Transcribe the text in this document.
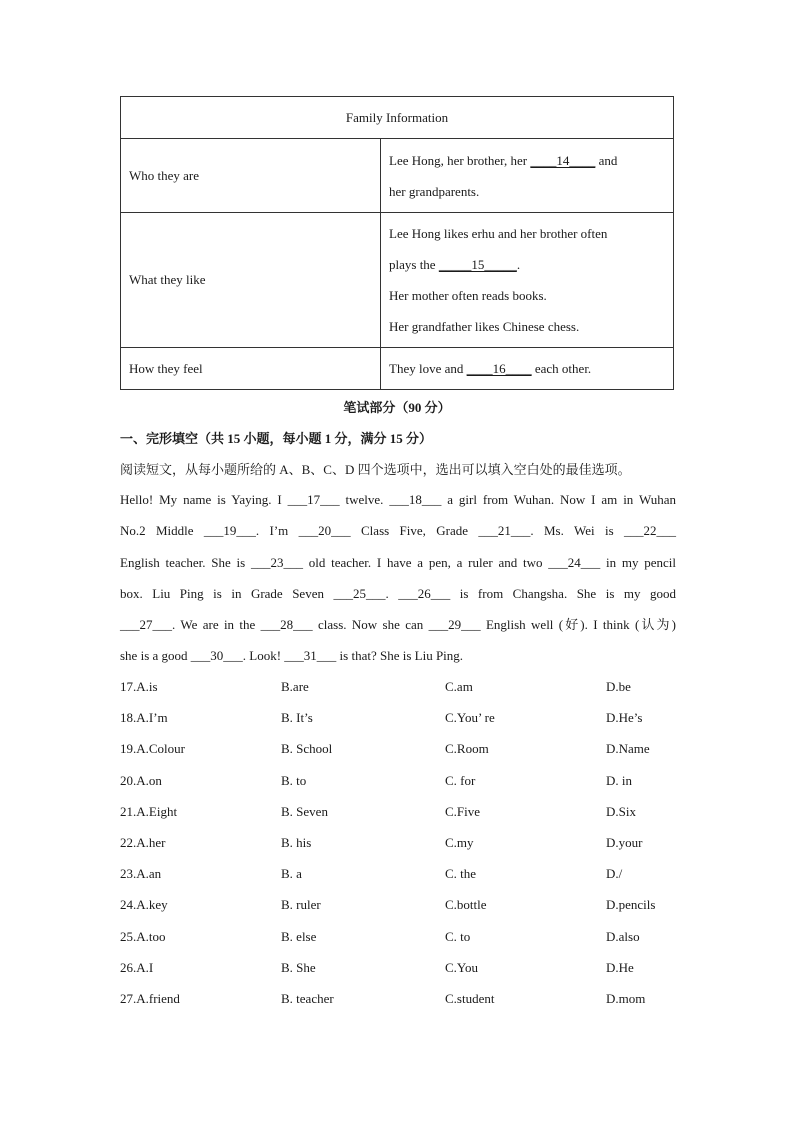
Family Information	
Who they are	Lee Hong, her brother, her ____14____ and
her grandparents.

What they like	Lee Hong likes erhu and her brother often
plays the _____15_____.
Her mother often reads books.
Her grandfather likes Chinese chess.

How they feel	They love and ____16____ each other.
笔试部分（90 分）
一、完形填空（共 15 小题，每小题 1 分，满分 15 分）
阅读短文，从每小题所给的 A、B、C、D 四个选项中，选出可以填入空白处的最佳选项。
Hello! My name is Yaying. I ___17___ twelve. ___18___ a girl from Wuhan. Now I am in Wuhan
No.2 Middle ___19___. I’m ___20___ Class Five, Grade ___21___. Ms. Wei is ___22___
English teacher. She is ___23___ old teacher. I have a pen, a ruler and two ___24___ in my pencil
box. Liu Ping is in Grade Seven ___25___. ___26___ is from Changsha. She is my good
___27___. We are in the ___28___ class. Now she can ___29___ English well (好). I think (认为)
she is a good ___30___. Look! ___31___ is that? She is Liu Ping.
17.A.is	B.are	C.am	D.be
18.A.I’m	B. It’s	C.You’ re	D.He’s
19.A.Colour	B. School	C.Room	D.Name
20.A.on	B. to	C. for	D. in
21.A.Eight	B. Seven	C.Five	D.Six
22.A.her	B. his	C.my	D.your
23.A.an	B. a	C. the	D./
24.A.key	B. ruler	C.bottle	D.pencils
25.A.too	B. else	C. to	D.also
26.A.I	B. She	C.You	D.He
27.A.friend	B. teacher	C.student	D.mom
